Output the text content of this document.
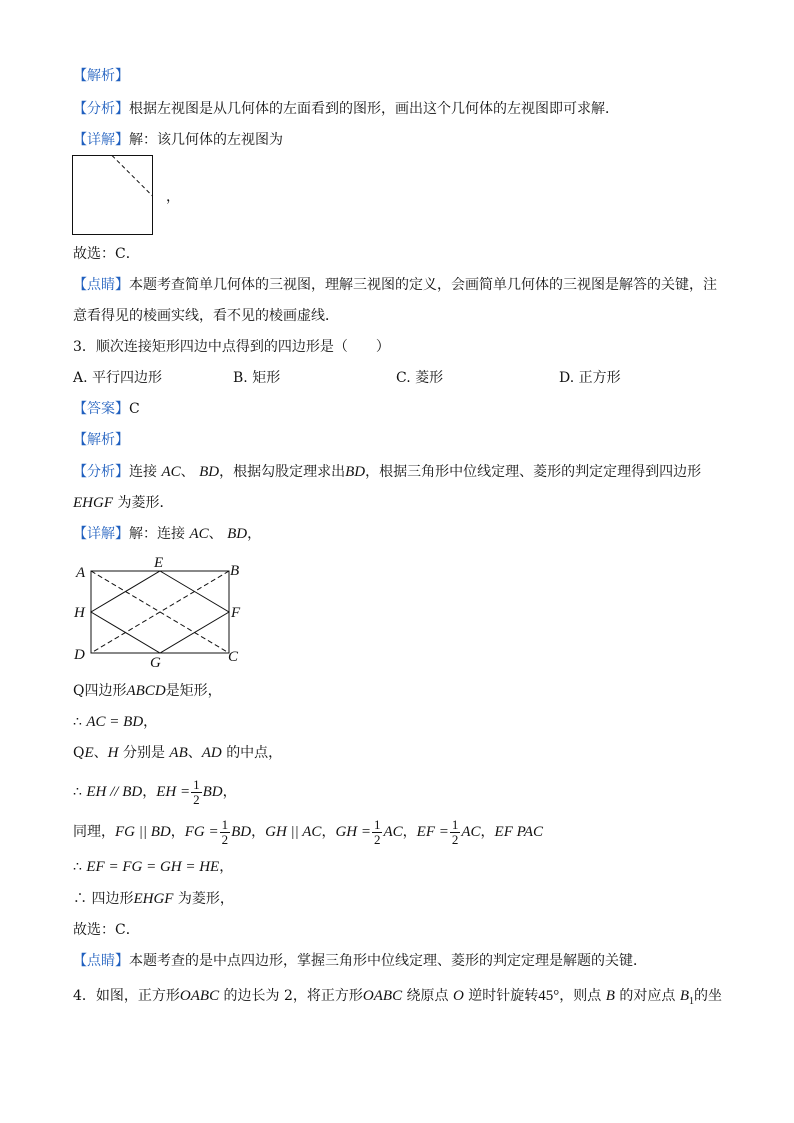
【解析】
【分析】根据左视图是从几何体的左面看到的图形，画出这个几何体的左视图即可求解．
【详解】解：该几何体的左视图为
，
故选：C．
【点睛】本题考查简单几何体的三视图，理解三视图的定义，会画简单几何体的三视图是解答的关键，注
意看得见的棱画实线，看不见的棱画虚线．
3．顺次连接矩形四边中点得到的四边形是（　　）
A. 平行四边形	B. 矩形	C. 菱形	D. 正方形
【答案】C
【解析】
【分析】连接 AC、 BD，根据勾股定理求出BD，根据三角形中位线定理、菱形的判定定理得到四边形
EHGF 为菱形．
【详解】解：连接 AC、 BD，
A
E	B
H	F
D	G	C
Q四边形ABCD是矩形，
∴ AC = BD，
QE、H 分别是 AB、AD 的中点，
∴ EH // BD，EH = $\frac{1}{2}$ BD，
同理，FG || BD，FG = $\frac{1}{2}$ BD，GH || AC，GH = $\frac{1}{2}$ AC，EF = $\frac{1}{2}$ AC，EF PAC
∴ EF = FG = GH = HE，
∴ 四边形EHGF 为菱形，
故选：C．
【点睛】本题考查的是中点四边形，掌握三角形中位线定理、菱形的判定定理是解题的关键．
4．如图，正方形OABC 的边长为 2，将正方形OABC 绕原点 O 逆时针旋转45°，则点 B 的对应点 $B_1$的坐
